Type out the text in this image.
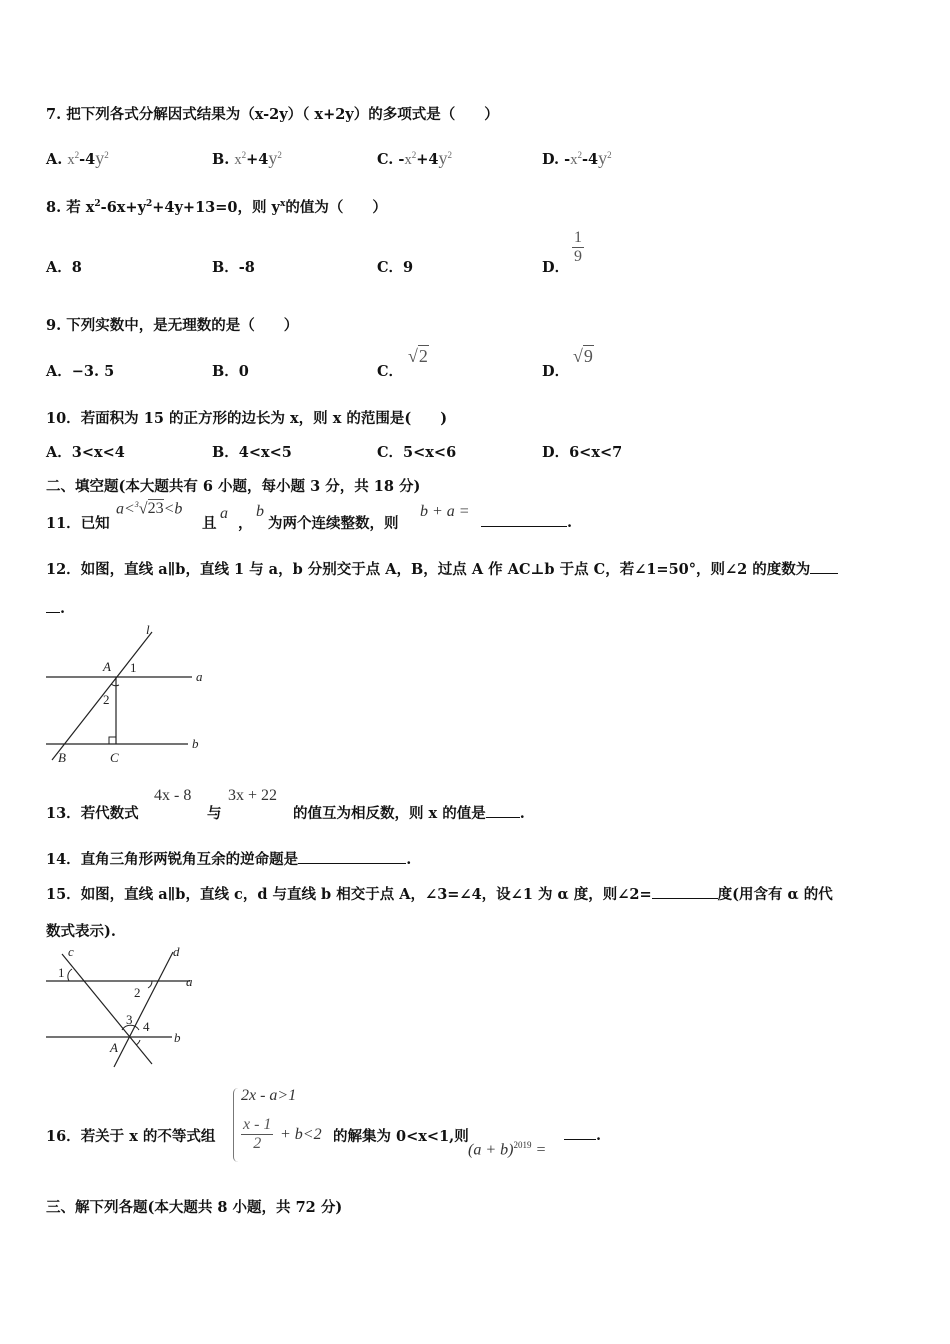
7. 把下列各式分解因式结果为（x-2y）（ x+2y）的多项式是（　　）
A. $x^2-4y^2$	B. $x^2+4y^2$	C. $-x^2+4y^2$	D. $-x^2-4y^2$
8. 若 $x^2-6x+y^2+4y+13=0$，则 $y^x$的值为（　　）
A．8	B．-8	C．9	D．
$\frac{1}{9}$
9. 下列实数中，是无理数的是（　　）
A．−3. 5	B．0	C．
√2
D．
√9
10．若面积为 15 的正方形的边长为 x，则 x 的范围是(　　)
A．3<x<4	B．4<x<5	C．5<x<6	D．6<x<7
二、填空题(本大题共有 6 小题，每小题 3 分，共 18 分)
11．已知
a<$^3$√23<b
且
a
，
b
为两个连续整数，则
b + a =
.
12．如图，直线 a∥b，直线 1 与 a，b 分别交于点 A，B，过点 A 作 AC⊥b 于点 C，若∠1=50°，则∠2 的度数为
.
l
A 1
a
2
b
B	C
13．若代数式
4x - 8
与
3x + 22
的值互为相反数，则 x 的值是 .
14．直角三角形两锐角互余的逆命题是	.
15．如图，直线 a∥b，直线 c，d 与直线 b 相交于点 A，∠3=∠4，设∠1 为 α 度，则∠2=	度(用含有 α 的代
数式表示).
c	d
1
a
2
3 4
b
A
16．若关于 x 的不等式组
2x - a>1
$\frac{x - 1}{2} + b<2$ 的解集为 0<x<1,则
$(a + b)^{2019}$ =
.
三、解下列各题(本大题共 8 小题，共 72 分)
